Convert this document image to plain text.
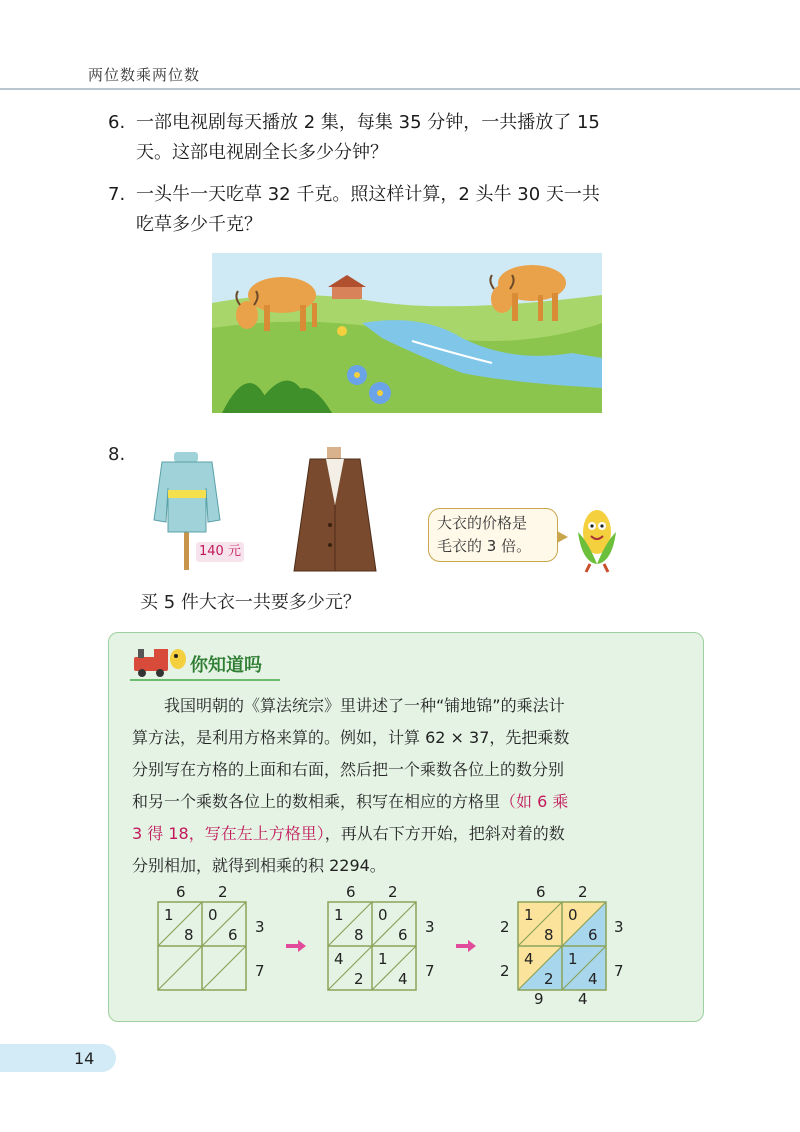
两位数乘两位数
6. 一部电视剧每天播放 2 集，每集 35 分钟，一共播放了 15
天。这部电视剧全长多少分钟？
7. 一头牛一天吃草 32 千克。照这样计算，2 头牛 30 天一共
吃草多少千克？
8.
140 元
大衣的价格是
毛衣的 3 倍。
买 5 件大衣一共要多少元？
你知道吗
　　我国明朝的《算法统宗》里讲述了一种“铺地锦”的乘法计
算方法，是利用方格来算的。例如，计算 62 × 37，先把乘数
分别写在方格的上面和右面，然后把一个乘数各位上的数分别
和另一个乘数各位上的数相乘，积写在相应的方格里（如 6 乘
3 得 18，写在左上方格里），再从右下方开始，把斜对着的数
分别相加，就得到相乘的积 2294。
6 2
3
7
1
8
0
6
6 2
3
7
1
8
0
6
4
2
1
4
6 2
3
7
2
2
9 4
1
8
0
6
4
2
1
4
14
